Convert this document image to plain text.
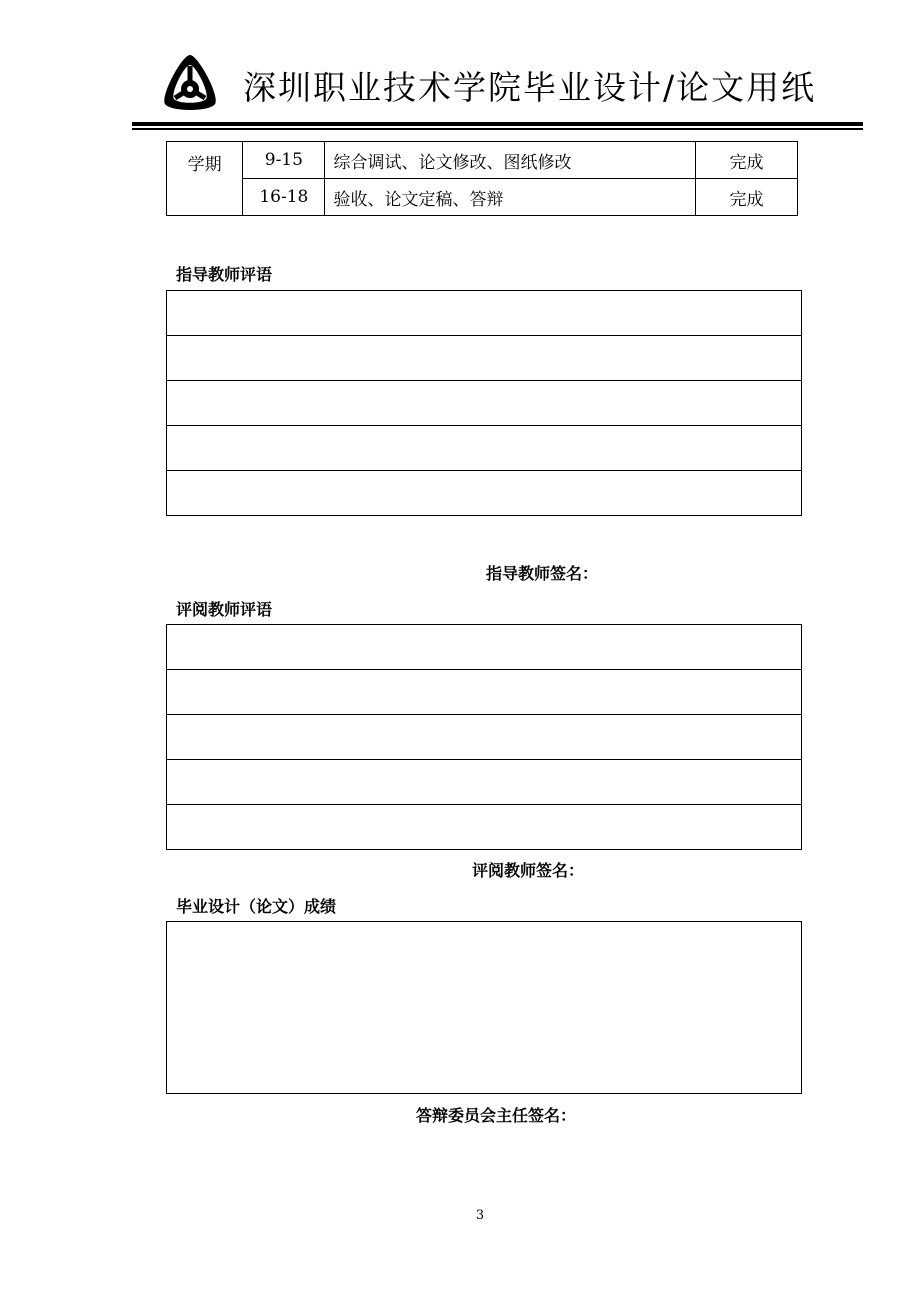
深圳职业技术学院毕业设计/论文用纸
学期	9-15	综合调试、论文修改、图纸修改	完成
	16-18	验收、论文定稿、答辩	完成
指导教师评语
指导教师签名：
评阅教师评语
评阅教师签名：
毕业设计（论文）成绩
答辩委员会主任签名：
3
